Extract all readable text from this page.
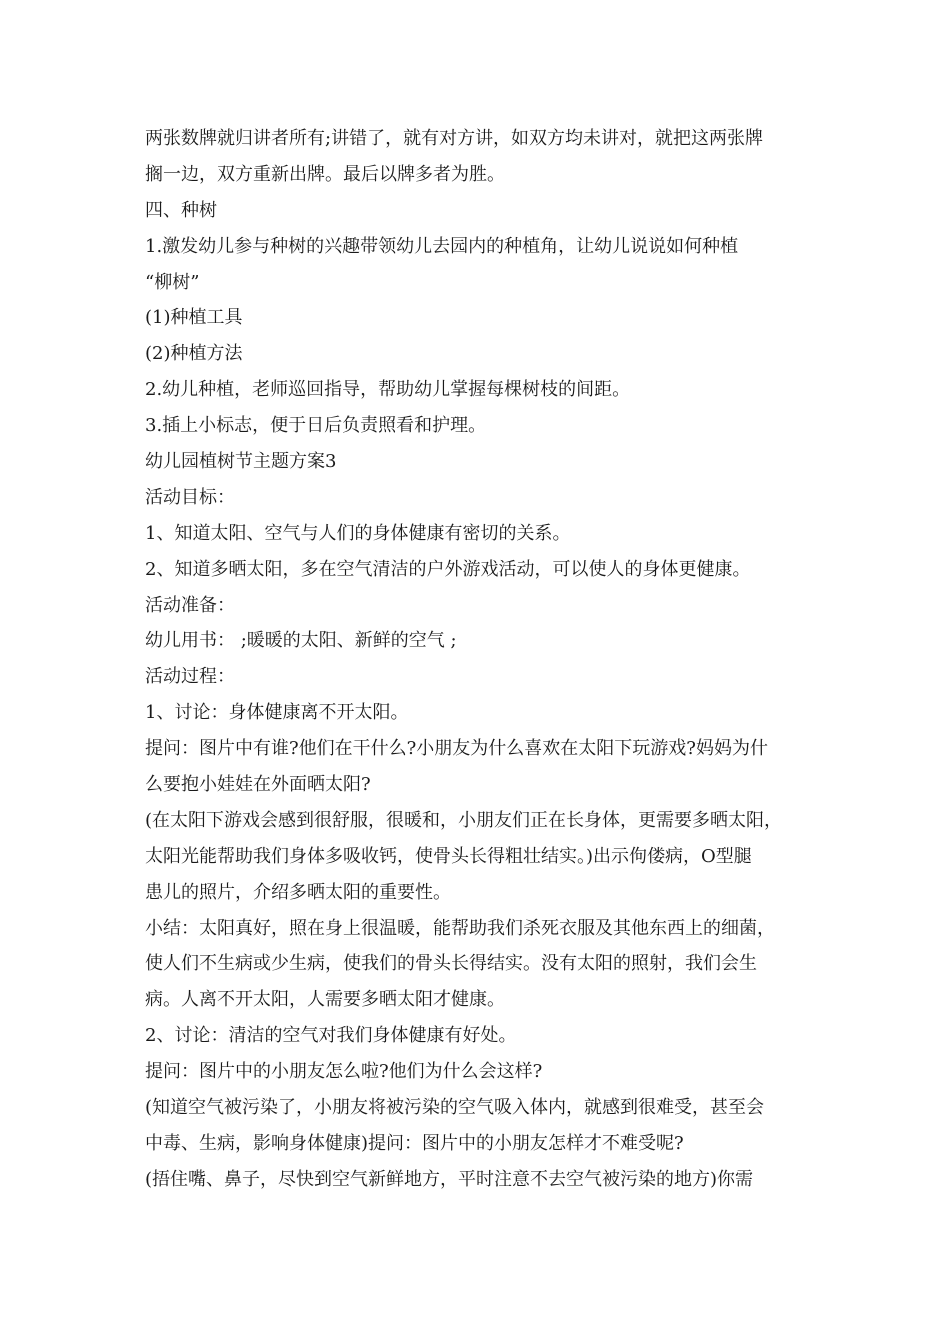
两张数牌就归讲者所有;讲错了，就有对方讲，如双方均未讲对，就把这两张牌
搁一边，双方重新出牌。最后以牌多者为胜。
四、种树
1.激发幼儿参与种树的兴趣带领幼儿去园内的种植角，让幼儿说说如何种植
“柳树”
(1)种植工具
(2)种植方法
2.幼儿种植，老师巡回指导，帮助幼儿掌握每棵树枝的间距。
3.插上小标志，便于日后负责照看和护理。
幼儿园植树节主题方案3
活动目标：
1、知道太阳、空气与人们的身体健康有密切的关系。
2、知道多晒太阳，多在空气清洁的户外游戏活动，可以使人的身体更健康。
活动准备：
幼儿用书： ;暖暖的太阳、新鲜的空气 ;
活动过程：
1、讨论：身体健康离不开太阳。
提问：图片中有谁?他们在干什么?小朋友为什么喜欢在太阳下玩游戏?妈妈为什
么要抱小娃娃在外面晒太阳?
(在太阳下游戏会感到很舒服，很暖和，小朋友们正在长身体，更需要多晒太阳，
太阳光能帮助我们身体多吸收钙，使骨头长得粗壮结实。)出示佝偻病，O型腿
患儿的照片，介绍多晒太阳的重要性。
小结：太阳真好，照在身上很温暖，能帮助我们杀死衣服及其他东西上的细菌，
使人们不生病或少生病，使我们的骨头长得结实。没有太阳的照射，我们会生
病。人离不开太阳，人需要多晒太阳才健康。
2、讨论：清洁的空气对我们身体健康有好处。
提问：图片中的小朋友怎么啦?他们为什么会这样?
(知道空气被污染了，小朋友将被污染的空气吸入体内，就感到很难受，甚至会
中毒、生病，影响身体健康)提问：图片中的小朋友怎样才不难受呢?
(捂住嘴、鼻子，尽快到空气新鲜地方，平时注意不去空气被污染的地方)你需
